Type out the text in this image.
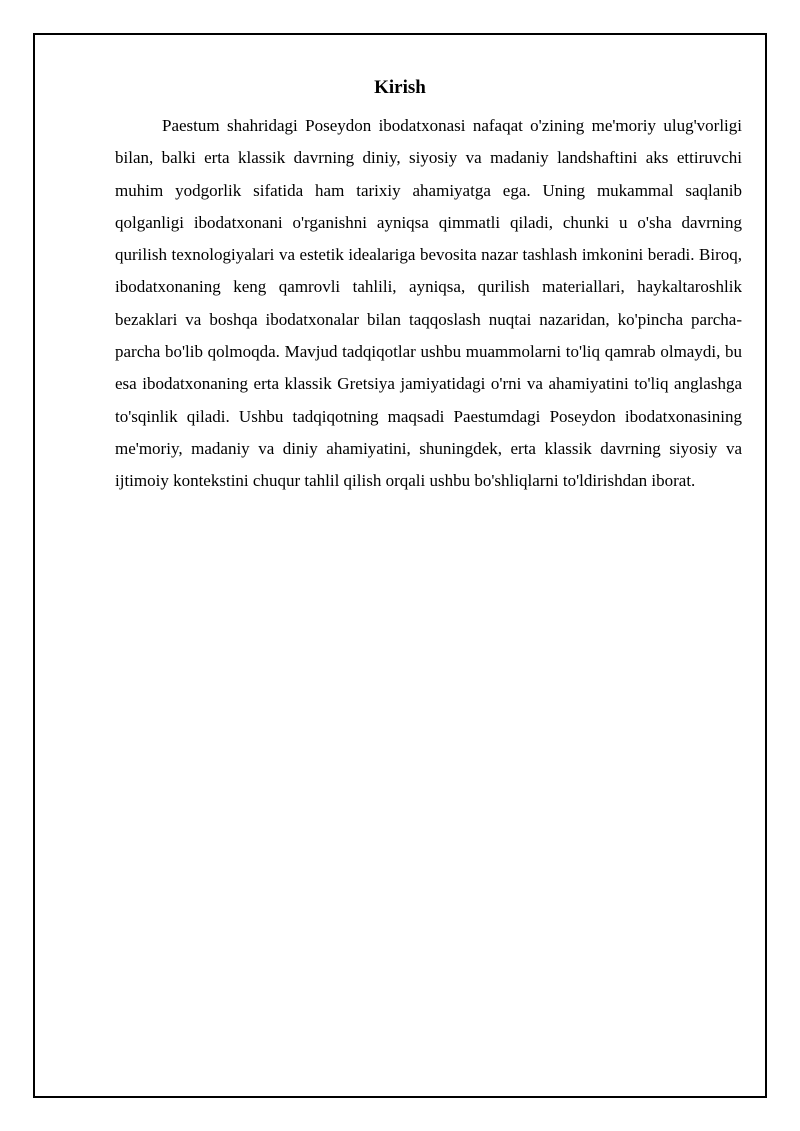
Kirish

Paestum shahridagi Poseydon ibodatxonasi nafaqat o'zining me'moriy ulug'vorligi bilan, balki erta klassik davrning diniy, siyosiy va madaniy landshaftini aks ettiruvchi muhim yodgorlik sifatida ham tarixiy ahamiyatga ega. Uning mukammal saqlanib qolganligi ibodatxonani o'rganishni ayniqsa qimmatli qiladi, chunki u o'sha davrning qurilish texnologiyalari va estetik idealariga bevosita nazar tashlash imkonini beradi. Biroq, ibodatxonaning keng qamrovli tahlili, ayniqsa, qurilish materiallari, haykaltaroshlik bezaklari va boshqa ibodatxonalar bilan taqqoslash nuqtai nazaridan, ko'pincha parcha-parcha bo'lib qolmoqda. Mavjud tadqiqotlar ushbu muammolarni to'liq qamrab olmaydi, bu esa ibodatxonaning erta klassik Gretsiya jamiyatidagi o'rni va ahamiyatini to'liq anglashga to'sqinlik qiladi. Ushbu tadqiqotning maqsadi Paestumdagi Poseydon ibodatxonasining me'moriy, madaniy va diniy ahamiyatini, shuningdek, erta klassik davrning siyosiy va ijtimoiy kontekstini chuqur tahlil qilish orqali ushbu bo'shliqlarni to'ldirishdan iborat.
